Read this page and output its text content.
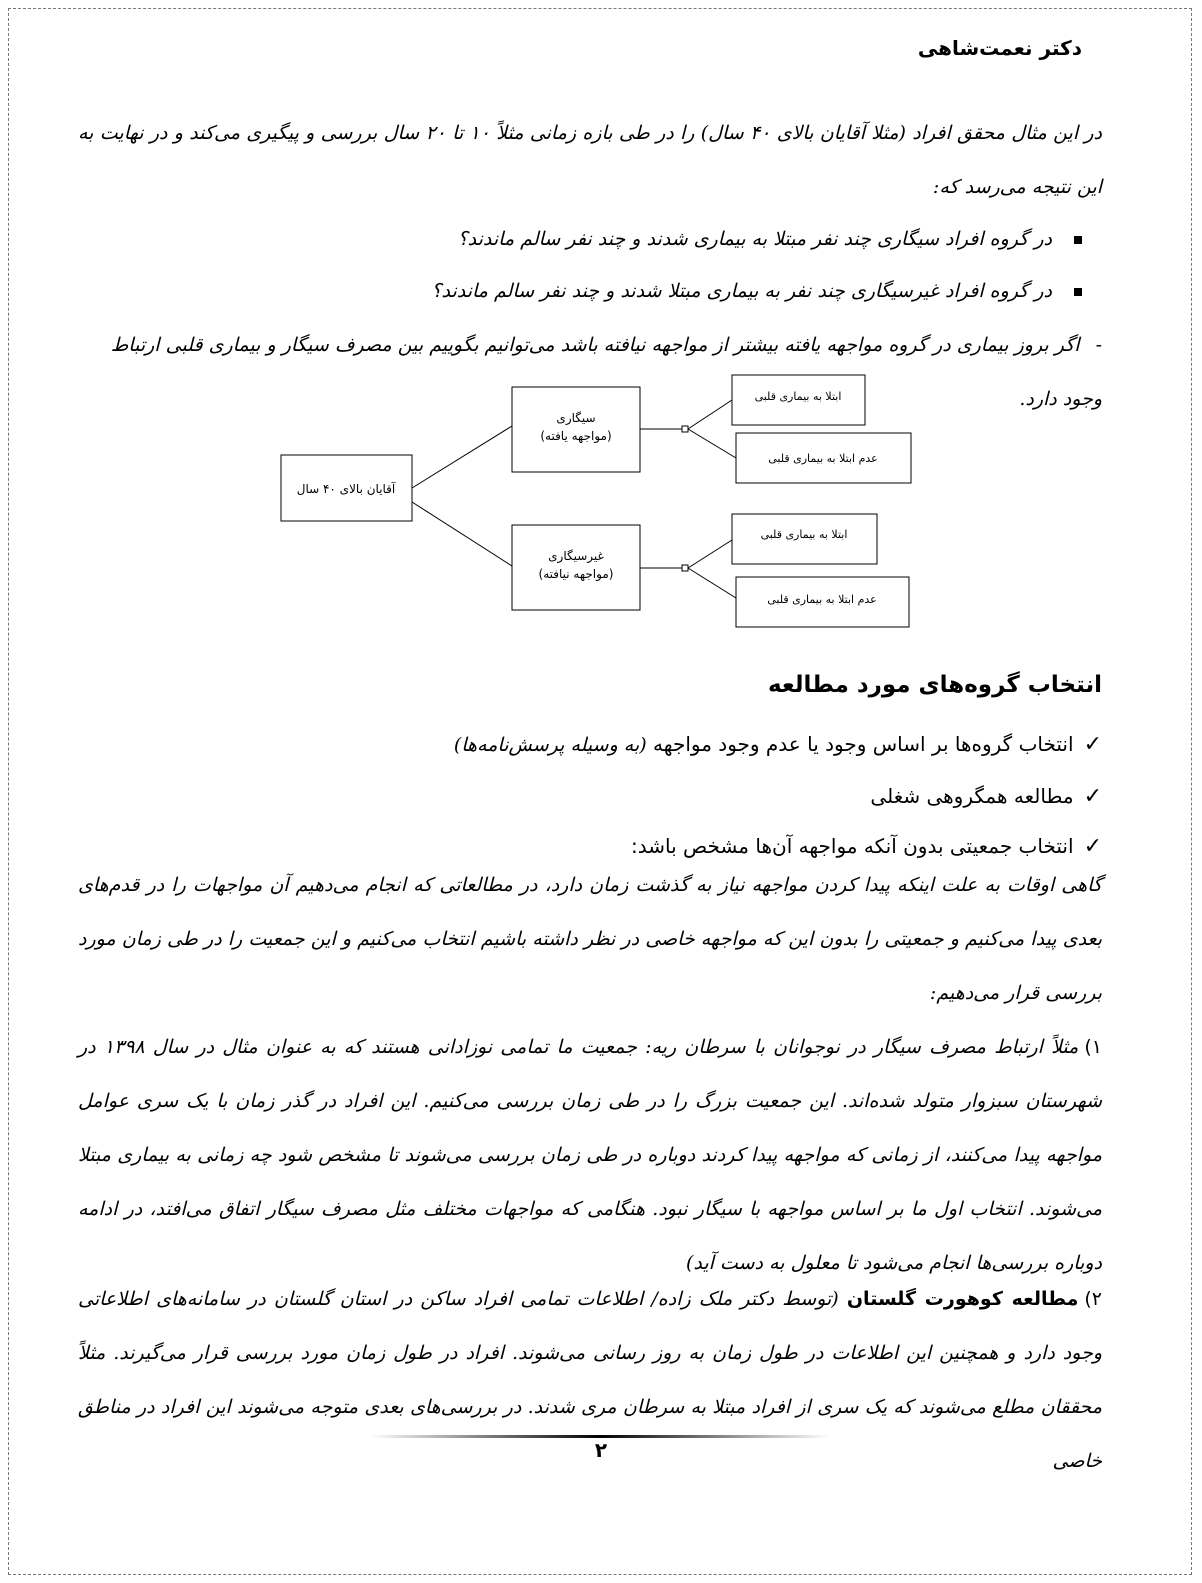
دکتر نعمت‌شاهی
در این مثال محقق افراد (مثلا آقایان بالای ۴۰ سال) را در طی بازه زمانی مثلاً ۱۰ تا ۲۰ سال بررسی و پیگیری می‌کند و در نهایت به این نتیجه می‌رسد که:
در گروه افراد سیگاری چند نفر مبتلا به بیماری شدند و چند نفر سالم ماندند؟
در گروه افراد غیرسیگاری چند نفر به بیماری مبتلا شدند و چند نفر سالم ماندند؟
-اگر بروز بیماری در گروه مواجهه یافته بیشتر از مواجهه نیافته باشد می‌توانیم بگوییم بین مصرف سیگار و بیماری قلبی ارتباط وجود دارد.
انتخاب گروه‌های مورد مطالعه
✓انتخاب گروه‌ها بر اساس وجود یا عدم وجود مواجهه (به وسیله پرسش‌نامه‌ها)
✓مطالعه همگروهی شغلی
✓انتخاب جمعیتی بدون آنکه مواجهه آن‌ها مشخص باشد:
گاهی اوقات به علت اینکه پیدا کردن مواجهه نیاز به گذشت زمان دارد، در مطالعاتی که انجام می‌دهیم آن مواجهات را در قدم‌های بعدی پیدا می‌کنیم و جمعیتی را بدون این که مواجهه خاصی در نظر داشته باشیم انتخاب می‌کنیم و این جمعیت را در طی زمان مورد بررسی قرار می‌دهیم:
۱)مثلاً ارتباط مصرف سیگار در نوجوانان با سرطان ریه: جمعیت ما تمامی نوزادانی هستند که به عنوان مثال در سال ۱۳۹۸ در شهرستان سبزوار متولد شده‌اند. این جمعیت بزرگ را در طی زمان بررسی می‌کنیم. این افراد در گذر زمان با یک سری عوامل مواجهه پیدا می‌کنند، از زمانی که مواجهه پیدا کردند دوباره در طی زمان بررسی می‌شوند تا مشخص شود چه زمانی به بیماری مبتلا می‌شوند. انتخاب اول ما بر اساس مواجهه با سیگار نبود. هنگامی که مواجهات مختلف مثل مصرف سیگار اتفاق می‌افتد، در ادامه دوباره بررسی‌ها انجام می‌شود تا معلول به دست آید)
۲)مطالعه کوهورت گلستان (توسط دکتر ملک زاده/ اطلاعات تمامی افراد ساکن در استان گلستان در سامانه‌های اطلاعاتی وجود دارد و همچنین این اطلاعات در طول زمان به روز رسانی می‌شوند. افراد در طول زمان مورد بررسی قرار می‌گیرند. مثلاً محققان مطلع می‌شوند که یک سری از افراد مبتلا به سرطان مری شدند. در بررسی‌های بعدی متوجه می‌شوند این افراد در مناطق خاصی
آقایان بالای ۴۰ سال
سیگاری
(مواجهه یافته)
غیرسیگاری
(مواجهه نیافته)
ابتلا به بیماری قلبی
عدم ابتلا به بیماری قلبی
ابتلا به بیماری قلبی
عدم ابتلا به بیماری قلبی
۲
